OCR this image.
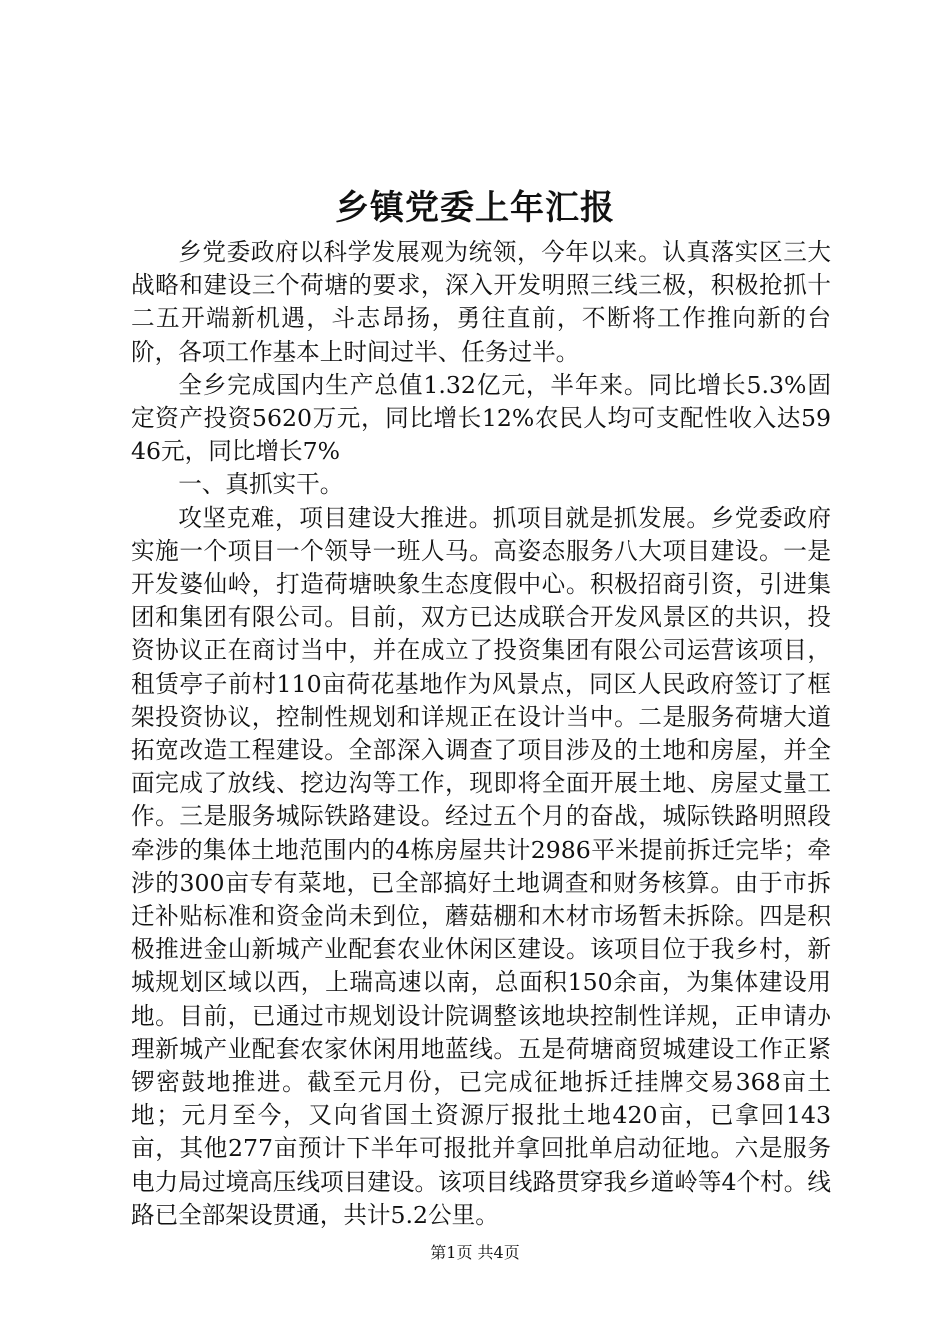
乡镇党委上年汇报

乡党委政府以科学发展观为统领，今年以来。认真落实区三大战略和建设三个荷塘的要求，深入开发明照三线三极，积极抢抓十二五开端新机遇，斗志昂扬，勇往直前，不断将工作推向新的台阶，各项工作基本上时间过半、任务过半。

全乡完成国内生产总值1.32亿元，半年来。同比增长5.3%固定资产投资5620万元，同比增长12%农民人均可支配性收入达5946元，同比增长7%

一、真抓实干。

攻坚克难，项目建设大推进。抓项目就是抓发展。乡党委政府实施一个项目一个领导一班人马。高姿态服务八大项目建设。一是开发婆仙岭，打造荷塘映象生态度假中心。积极招商引资，引进集团和集团有限公司。目前，双方已达成联合开发风景区的共识，投资协议正在商讨当中，并在成立了投资集团有限公司运营该项目，租赁亭子前村110亩荷花基地作为风景点，同区人民政府签订了框架投资协议，控制性规划和详规正在设计当中。二是服务荷塘大道拓宽改造工程建设。全部深入调查了项目涉及的土地和房屋，并全面完成了放线、挖边沟等工作，现即将全面开展土地、房屋丈量工作。三是服务城际铁路建设。经过五个月的奋战，城际铁路明照段牵涉的集体土地范围内的4栋房屋共计2986平米提前拆迁完毕；牵涉的300亩专有菜地，已全部搞好土地调查和财务核算。由于市拆迁补贴标准和资金尚未到位，蘑菇棚和木材市场暂未拆除。四是积极推进金山新城产业配套农业休闲区建设。该项目位于我乡村，新城规划区域以西，上瑞高速以南，总面积150余亩，为集体建设用地。目前，已通过市规划设计院调整该地块控制性详规，正申请办理新城产业配套农家休闲用地蓝线。五是荷塘商贸城建设工作正紧锣密鼓地推进。截至元月份，已完成征地拆迁挂牌交易368亩土地；元月至今，又向省国土资源厅报批土地420亩，已拿回143亩，其他277亩预计下半年可报批并拿回批单启动征地。六是服务电力局过境高压线项目建设。该项目线路贯穿我乡道岭等4个村。线路已全部架设贯通，共计5.2公里。

第1页 共4页
